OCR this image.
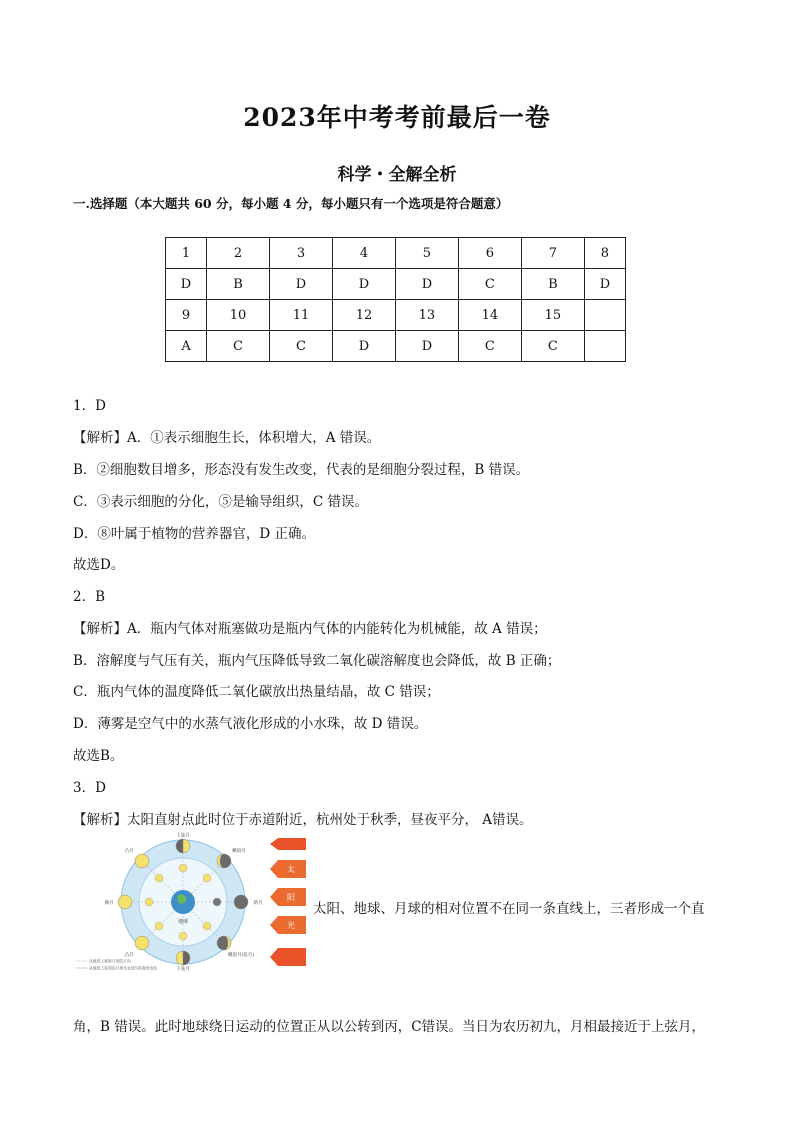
2023年中考考前最后一卷
科学・全解全析
一.选择题（本大题共 60 分，每小题 4 分，每小题只有一个选项是符合题意）
1	2	3	4	5	6	7	8
D	B	D	D	D	C	B	D
9	10	11	12	13	14	15	
A	C	C	D	D	C	C	
1．D
【解析】A．①表示细胞生长，体积增大，A 错误。
B．②细胞数目增多，形态没有发生改变，代表的是细胞分裂过程，B 错误。
C．③表示细胞的分化，⑤是输导组织，C 错误。
D．⑧叶属于植物的营养器官，D 正确。
故选D。
2．B
【解析】A．瓶内气体对瓶塞做功是瓶内气体的内能转化为机械能，故 A 错误；
B．溶解度与气压有关，瓶内气压降低导致二氧化碳溶解度也会降低，故 B 正确；
C．瓶内气体的温度降低二氧化碳放出热量结晶，故 C 错误；
D．薄雾是空气中的水蒸气液化形成的小水珠，故 D 错误。
故选B。
3．D
【解析】太阳直射点此时位于赤道附近，杭州处于秋季，昼夜平分， A错误。
地球
上弦月
凸月	蛾眉月
满月	新月
凸月	蛾眉月(弦月)
下弦月
从地球上观察月球的方向
从地球上看到的月球光亮部分的视角变化
太
阳
光
太阳、地球、月球的相对位置不在同一条直线上，三者形成一个直
角，B 错误。此时地球绕日运动的位置正从以公转到丙，C错误。当日为农历初九，月相最接近于上弦月，
